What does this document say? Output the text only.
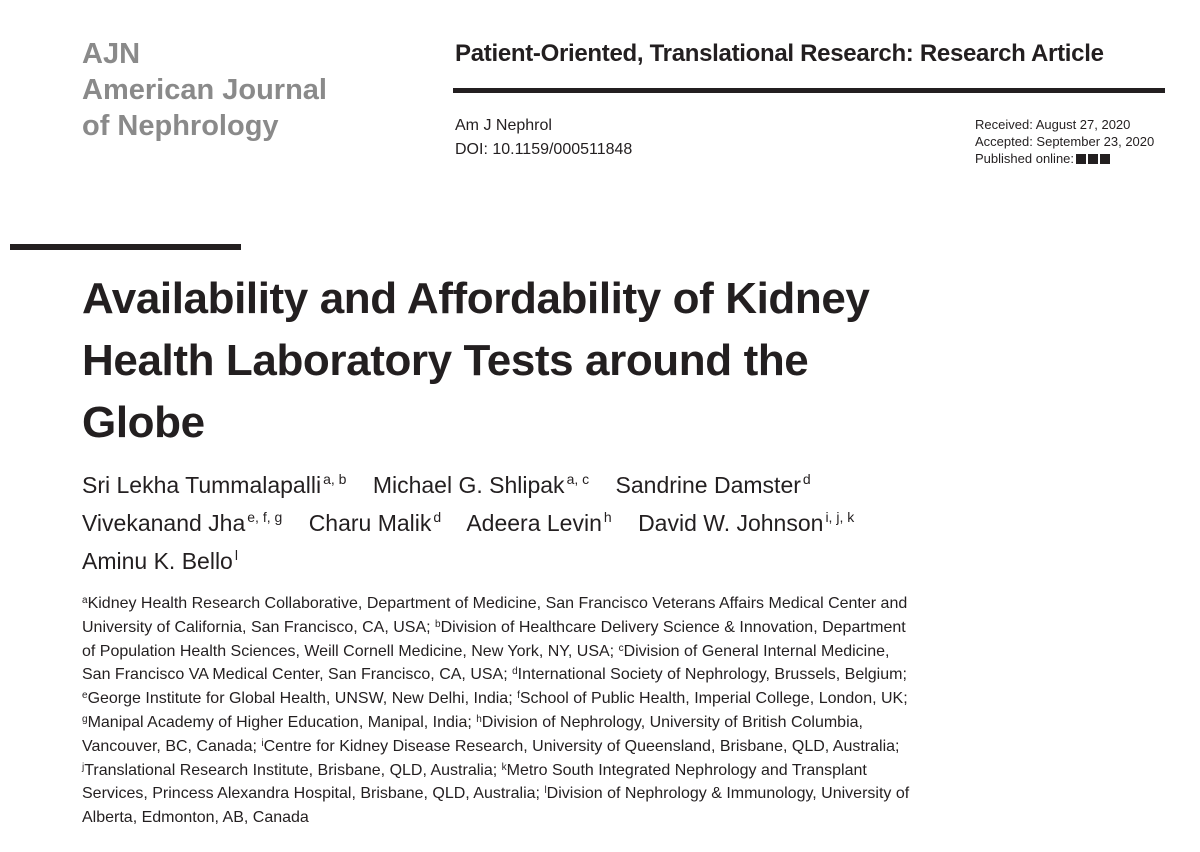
AJN
American Journal
of Nephrology
Patient-Oriented, Translational Research: Research Article
Am J Nephrol
DOI: 10.1159/000511848
Received: August 27, 2020
Accepted: September 23, 2020
Published online:
Availability and Affordability of Kidney
Health Laboratory Tests around the
Globe
Sri Lekha Tummalapalli $^{a, b}$ Michael G. Shlipak $^{a, c}$ Sandrine Damster $^d$
Vivekanand Jha $^{e, f, g}$ Charu Malik $^d$ Adeera Levin $^h$ David W. Johnson $^{i, j, k}$
Aminu K. Bello $^l$
$^a$Kidney Health Research Collaborative, Department of Medicine, San Francisco Veterans Affairs Medical Center and
University of California, San Francisco, CA, USA; $^b$Division of Healthcare Delivery Science & Innovation, Department
of Population Health Sciences, Weill Cornell Medicine, New York, NY, USA; $^c$Division of General Internal Medicine,
San Francisco VA Medical Center, San Francisco, CA, USA; $^d$International Society of Nephrology, Brussels, Belgium;
$^e$George Institute for Global Health, UNSW, New Delhi, India; $^f$School of Public Health, Imperial College, London, UK;
$^g$Manipal Academy of Higher Education, Manipal, India; $^h$Division of Nephrology, University of British Columbia,
Vancouver, BC, Canada; $^i$Centre for Kidney Disease Research, University of Queensland, Brisbane, QLD, Australia;
$^j$Translational Research Institute, Brisbane, QLD, Australia; $^k$Metro South Integrated Nephrology and Transplant
Services, Princess Alexandra Hospital, Brisbane, QLD, Australia; $^l$Division of Nephrology & Immunology, University of
Alberta, Edmonton, AB, Canada
